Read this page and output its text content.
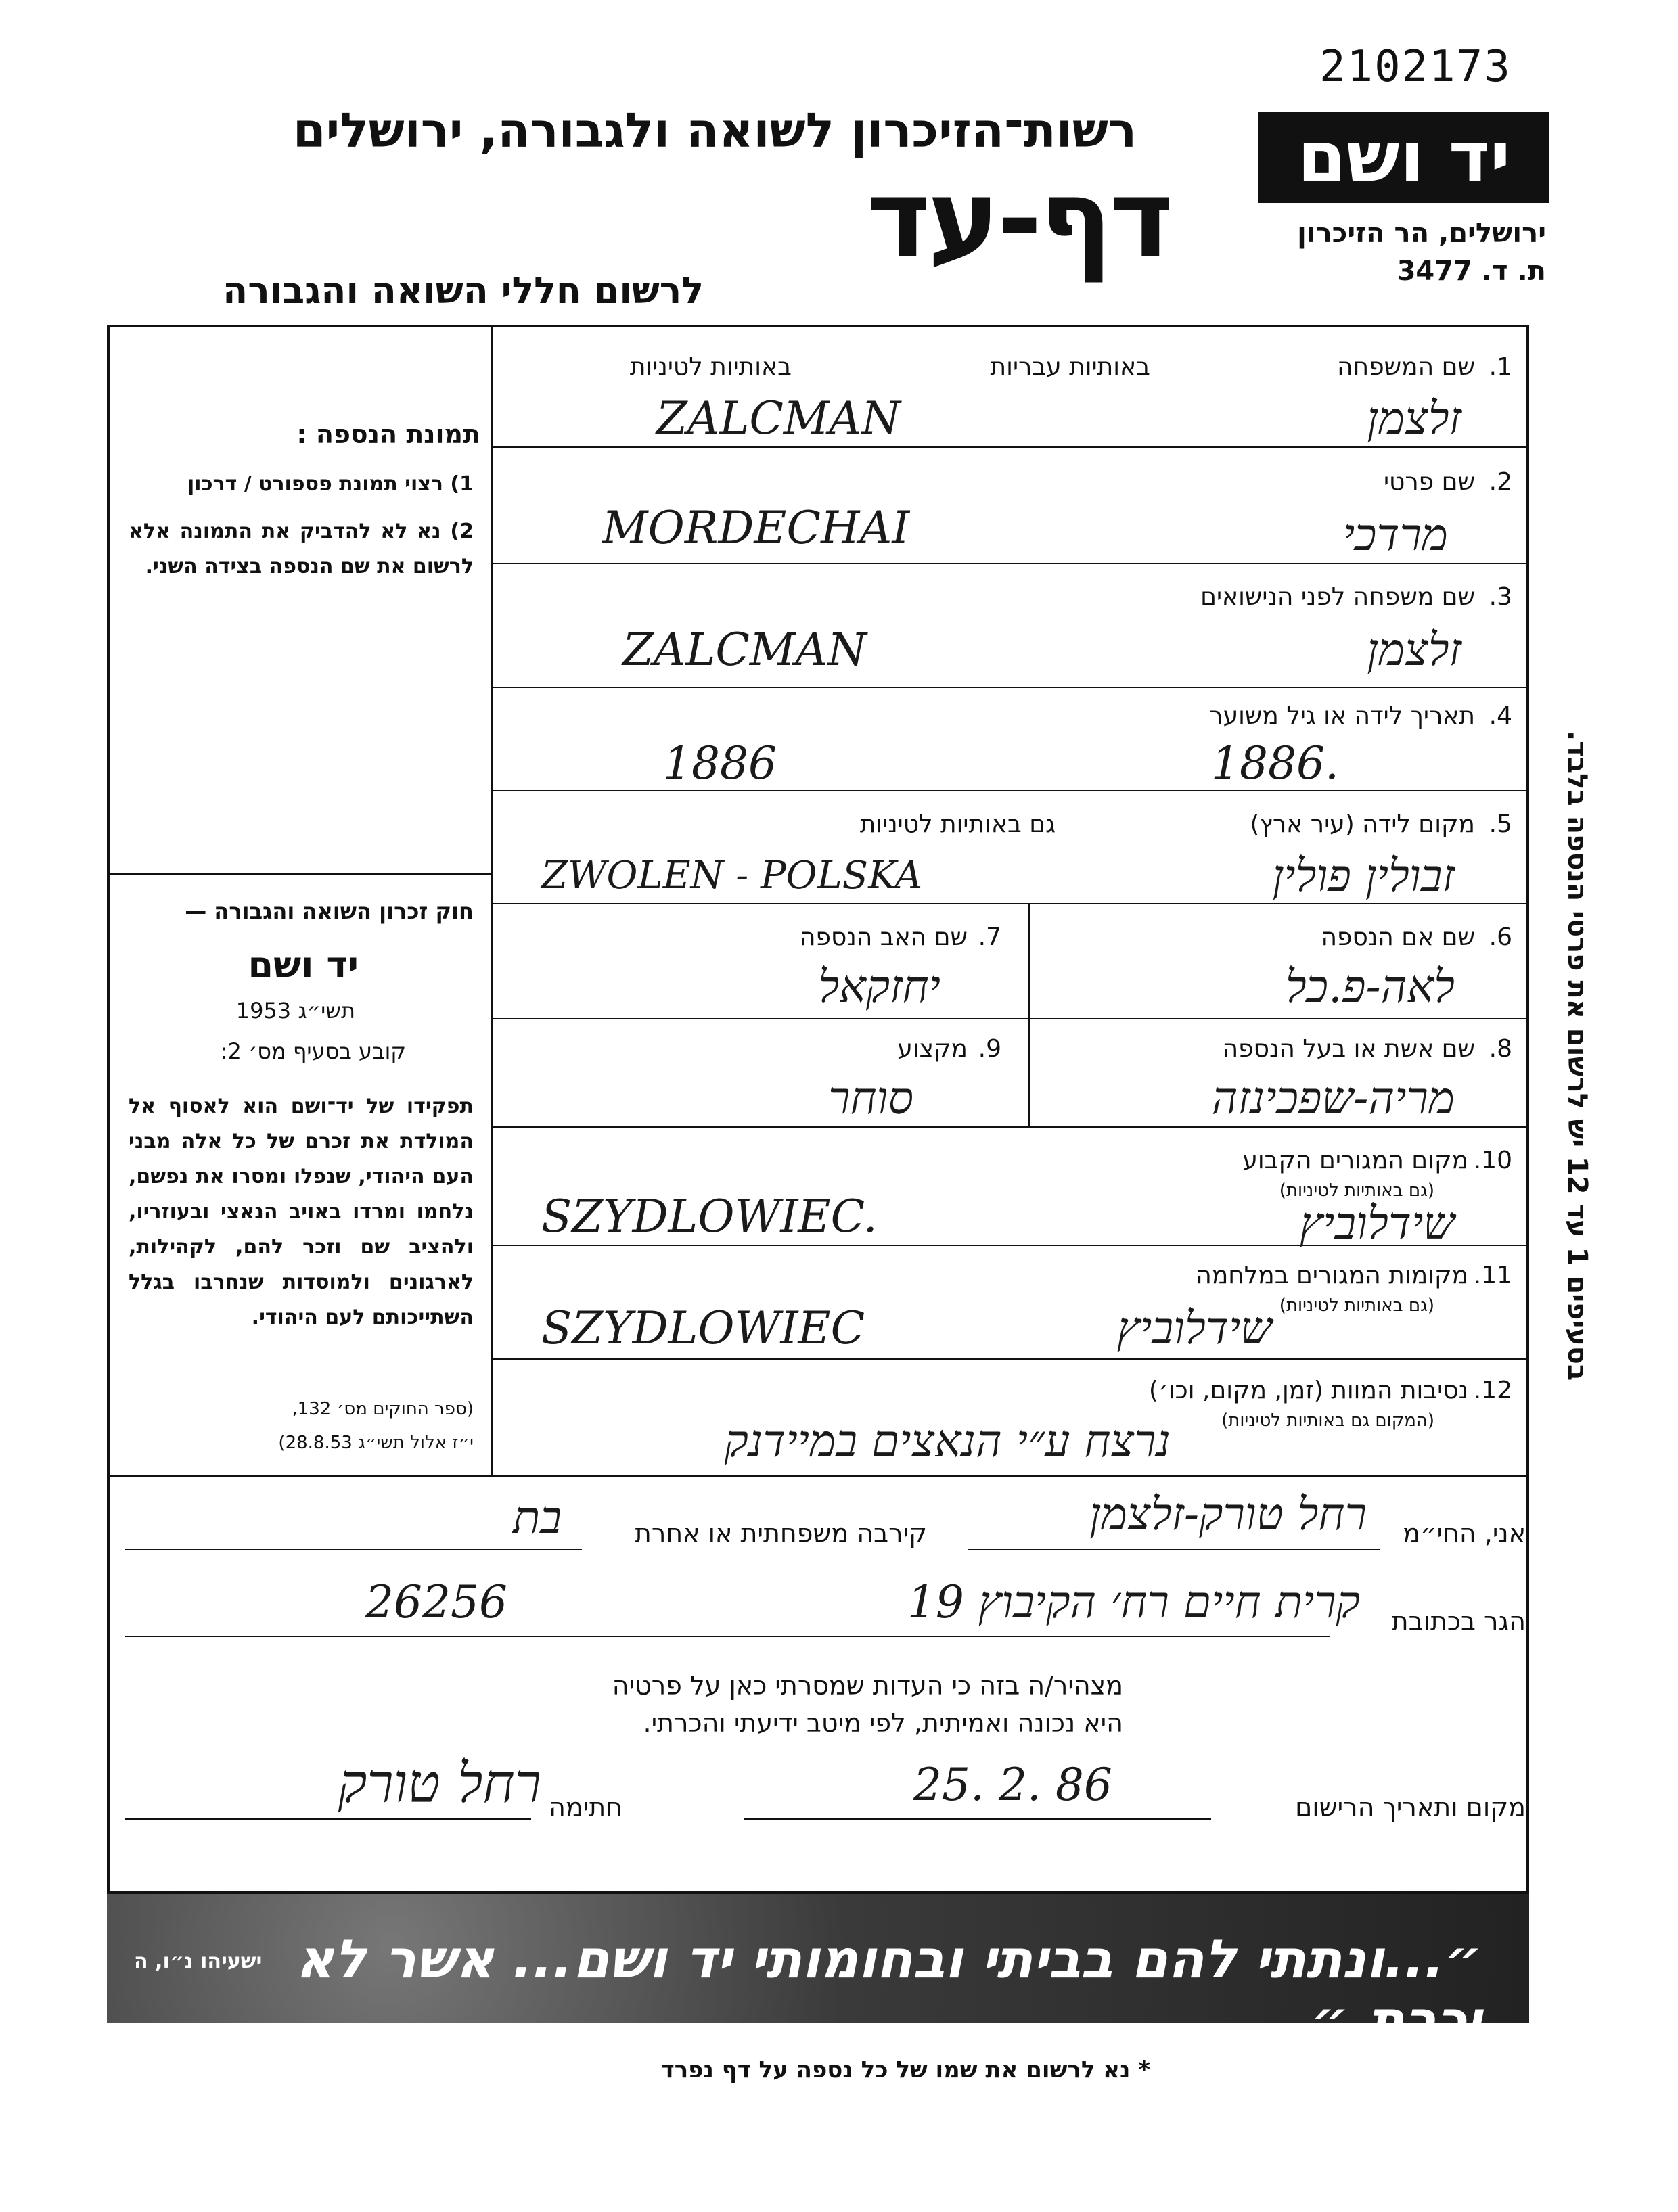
2102173
יד ושם
ירושלים, הר הזיכרון
ת. ד. 3477
רשות־הזיכרון לשואה ולגבורה, ירושלים
דף-עד
לרשום חללי השואה והגבורה
תמונת הנספה :
1) רצוי תמונת פספורט / דרכון
2) נא לא להדביק את התמונה אלא לרשום את שם הנספה בצידה השני.
חוק זכרון השואה והגבורה —
יד ושם
תשי״ג 1953
קובע בסעיף מס׳ 2:
תפקידו של יד־ושם הוא לאסוף אל המולדת את זכרם של כל אלה מבני העם היהודי, שנפלו ומסרו את נפשם, נלחמו ומרדו באויב הנאצי ובעוזריו, ולהציב שם וזכר להם, לקהילות, לארגונים ולמוסדות שנחרבו בגלל השתייכותם לעם היהודי.
(ספר החוקים מס׳ 132,
י״ז אלול תשי״ג 28.8.53)
באותיות עבריות
באותיות לטיניות	1.
שם המשפחה
זלצמן
ZALCMAN
2.
שם פרטי
מרדכי
MORDECHAI
3.
שם משפחה לפני הנישואים
זלצמן
ZALCMAN
4.
תאריך לידה או גיל משוער
1886.
1886
5.
מקום לידה (עיר ארץ)
גם באותיות לטיניות
זבולין פולין
ZWOLEN - POLSKA
6.
שם אם הנספה
לאה-פ.כל
7.
שם האב הנספה
יחזקאל
8.
שם אשת או בעל הנספה
מריה-שפכינזה
9.
מקצוע
סוחר
10.
מקום המגורים הקבוע
(גם באותיות לטיניות)
שידלוביץ
SZYDLOWIEC.
11.
מקומות המגורים במלחמה
(גם באותיות לטיניות)
שידלוביץ
SZYDLOWIEC
12.
נסיבות המוות (זמן, מקום, וכו׳)
(המקום גם באותיות לטיניות)
נרצח ע״י הנאצים במיידנק
אני, החי״מ
רחל טורק-זלצמן
קירבה משפחתית או אחרת
בת
הגר בכתובת
קרית חיים רח׳ הקיבוץ 19
26256
מצהיר/ה בזה כי העדות שמסרתי כאן על פרטיה
היא נכונה ואמיתית, לפי מיטב ידיעתי והכרתי.
מקום ותאריך הרישום
25. 2. 86
חתימה
רחל טורק
בסעיפים 1 עד 12 יש לרשום את פרטי הנספה בלבד.
״...ונתתי להם בביתי ובחומותי יד ושם... אשר לא יכרת.״
ישעיהו נ״ו, ה
* נא לרשום את שמו של כל נספה על דף נפרד
